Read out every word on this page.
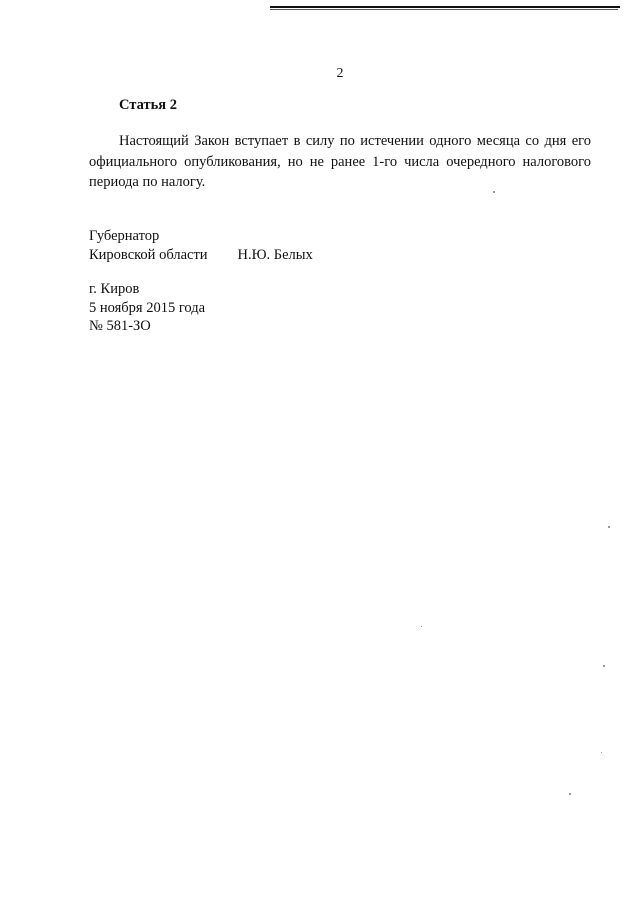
2
Статья 2
Настоящий Закон вступает в силу по истечении одного месяца со дня его официального опубликования, но не ранее 1-го числа очередного налогового периода по налогу.
Губернатор
Кировской области Н.Ю. Белых
г. Киров
5 ноября 2015 года
№ 581-ЗО
